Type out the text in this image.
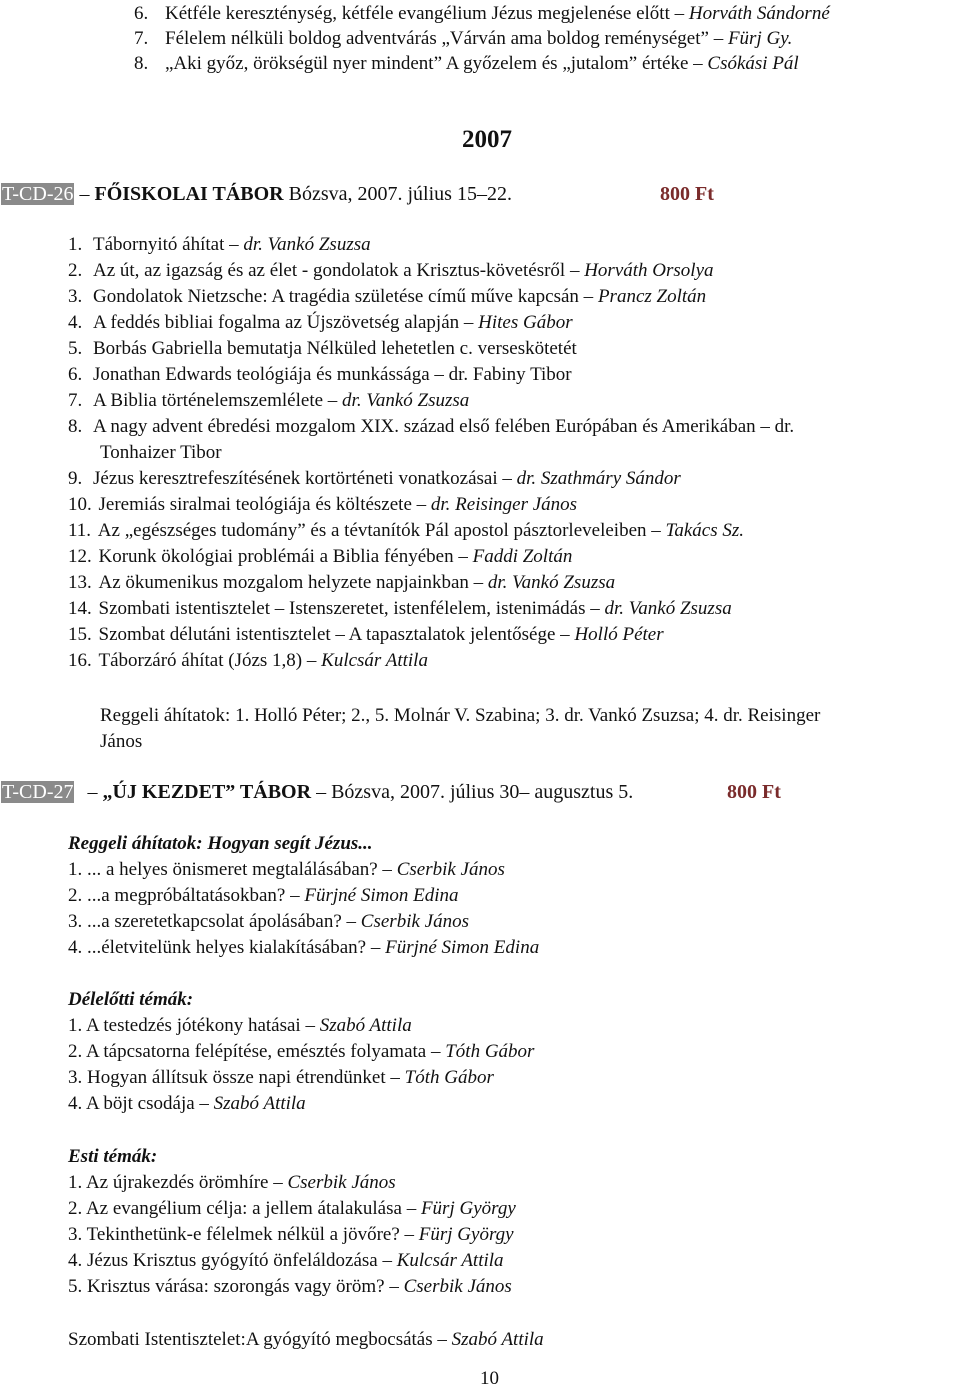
6. Kétféle kereszténység, kétféle evangélium Jézus megjelenése előtt – Horváth Sándorné
7. Félelem nélküli boldog adventvárás „Várván ama boldog reménységet” – Fürj Gy.
8. „Aki győz, örökségül nyer mindent” A győzelem és „jutalom” értéke – Csókási Pál
2007
T-CD-26 – FŐISKOLAI TÁBOR Bózsva, 2007. július 15–22.	800 Ft
1. Tábornyitó áhítat – dr. Vankó Zsuzsa
2. Az út, az igazság és az élet - gondolatok a Krisztus-követésről – Horváth Orsolya
3. Gondolatok Nietzsche: A tragédia születése című műve kapcsán – Prancz Zoltán
4. A feddés bibliai fogalma az Újszövetség alapján – Hites Gábor
5. Borbás Gabriella bemutatja Nélküled lehetetlen c. verseskötetét
6. Jonathan Edwards teológiája és munkássága – dr. Fabiny Tibor
7. A Biblia történelemszemlélete – dr. Vankó Zsuzsa
8. A nagy advent ébredési mozgalom XIX. század első felében Európában és Amerikában – dr.
Tonhaizer Tibor
9. Jézus keresztrefeszítésének kortörténeti vonatkozásai – dr. Szathmáry Sándor
10. Jeremiás siralmai teológiája és költészete – dr. Reisinger János
11. Az „egészséges tudomány” és a tévtanítók Pál apostol pásztorleveleiben – Takács Sz.
12. Korunk ökológiai problémái a Biblia fényében – Faddi Zoltán
13. Az ökumenikus mozgalom helyzete napjainkban – dr. Vankó Zsuzsa
14. Szombati istentisztelet – Istenszeretet, istenfélelem, istenimádás – dr. Vankó Zsuzsa
15. Szombat délutáni istentisztelet – A tapasztalatok jelentősége – Holló Péter
16. Táborzáró áhítat (Józs 1,8) – Kulcsár Attila
Reggeli áhítatok: 1. Holló Péter; 2., 5. Molnár V. Szabina; 3. dr. Vankó Zsuzsa; 4. dr. Reisinger
János
T-CD-27 – „ÚJ KEZDET” TÁBOR – Bózsva, 2007. július 30– augusztus 5.	800 Ft
Reggeli áhítatok: Hogyan segít Jézus...
1. ... a helyes önismeret megtalálásában? – Cserbik János
2. ...a megpróbáltatásokban? – Fürjné Simon Edina
3. ...a szeretetkapcsolat ápolásában? – Cserbik János
4. ...életvitelünk helyes kialakításában? – Fürjné Simon Edina
Délelőtti témák:
1. A testedzés jótékony hatásai – Szabó Attila
2. A tápcsatorna felépítése, emésztés folyamata – Tóth Gábor
3. Hogyan állítsuk össze napi étrendünket – Tóth Gábor
4. A böjt csodája – Szabó Attila
Esti témák:
1. Az újrakezdés örömhíre – Cserbik János
2. Az evangélium célja: a jellem átalakulása – Fürj György
3. Tekinthetünk-e félelmek nélkül a jövőre? – Fürj György
4. Jézus Krisztus gyógyító önfeláldozása – Kulcsár Attila
5. Krisztus várása: szorongás vagy öröm? – Cserbik János
Szombati Istentisztelet:A gyógyító megbocsátás – Szabó Attila
10
